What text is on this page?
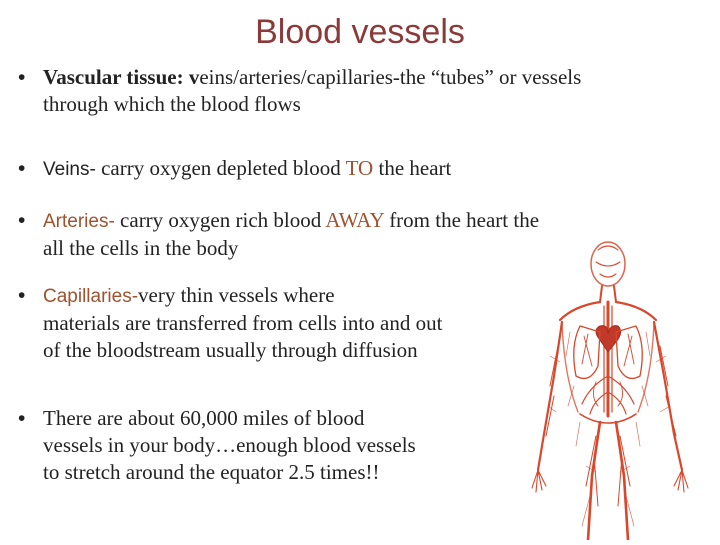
Blood vessels
• Vascular tissue: veins/arteries/capillaries-the “tubes” or vessels
through which the blood flows
• Veins- carry oxygen depleted blood TO the heart
• Arteries- carry oxygen rich blood AWAY from the heart the
all the cells in the body
• Capillaries-very thin vessels where
materials are transferred from cells into and out
of the bloodstream usually through diffusion
• There are about 60,000 miles of blood
vessels in your body…enough blood vessels
to stretch around the equator 2.5 times!!
